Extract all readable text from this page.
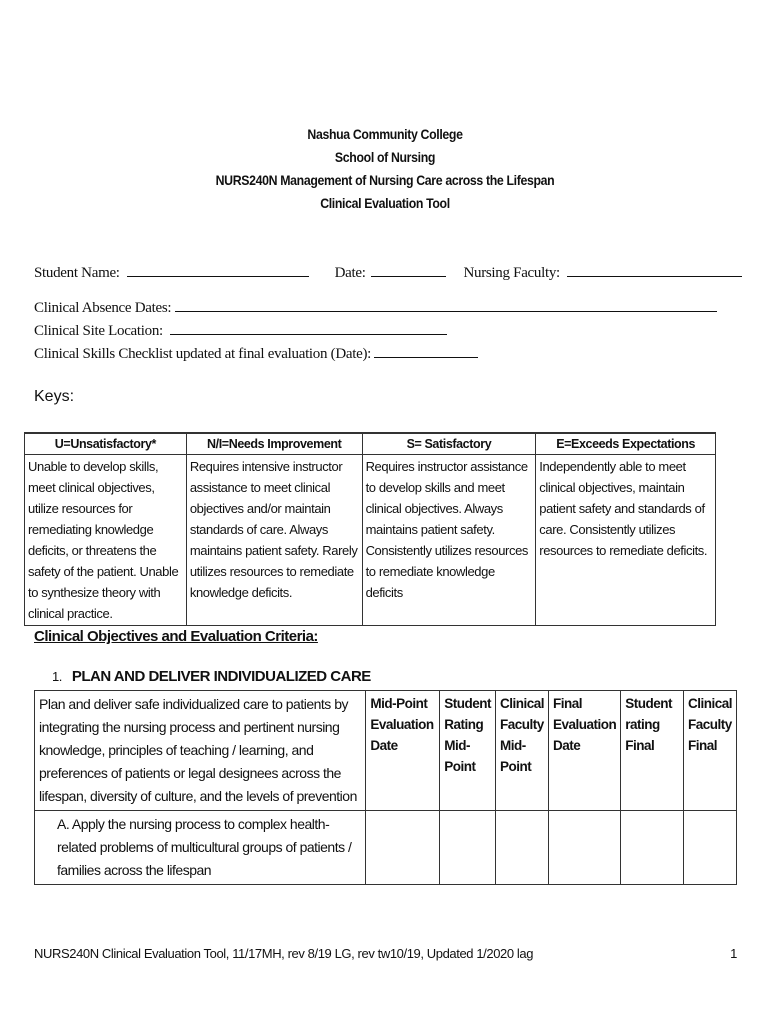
Nashua Community College
School of Nursing
NURS240N Management of Nursing Care across the Lifespan
Clinical Evaluation Tool
Student Name:	Date:	Nursing Faculty:
Clinical Absence Dates:
Clinical Site Location:
Clinical Skills Checklist updated at final evaluation (Date):
Keys:
U=Unsatisfactory*	N/I=Needs Improvement	S= Satisfactory	E=Exceeds Expectations
Unable to develop skills, meet clinical objectives, utilize resources for remediating knowledge deficits, or threatens the safety of the patient. Unable to synthesize theory with clinical practice.	Requires intensive instructor assistance to meet clinical objectives and/or maintain standards of care. Always maintains patient safety. Rarely utilizes resources to remediate knowledge deficits.	Requires instructor assistance to develop skills and meet clinical objectives. Always maintains patient safety. Consistently utilizes resources to remediate knowledge deficits	Independently able to meet clinical objectives, maintain patient safety and standards of care. Consistently utilizes resources to remediate deficits.
Clinical Objectives and Evaluation Criteria:
1. PLAN AND DELIVER INDIVIDUALIZED CARE
Plan and deliver safe individualized care to patients by integrating the nursing process and pertinent nursing knowledge, principles of teaching / learning, and preferences of patients or legal designees across the lifespan, diversity of culture, and the levels of prevention	Mid-Point Evaluation Date	Student Rating Mid-Point	Clinical Faculty Mid-Point	Final Evaluation Date	Student rating Final	Clinical Faculty Final
A. Apply the nursing process to complex health-related problems of multicultural groups of patients / families across the lifespan						
NURS240N Clinical Evaluation Tool, 11/17MH, rev 8/19 LG, rev tw10/19, Updated 1/2020 lag	1
